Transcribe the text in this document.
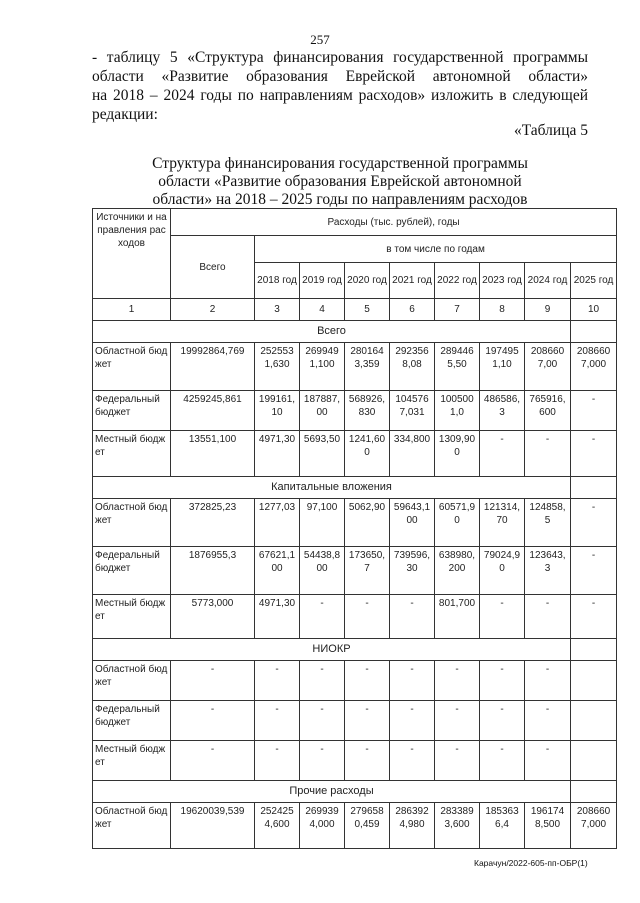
257
- таблицу 5 «Структура финансирования государственной программы
области «Развитие образования Еврейской автономной области»
на 2018 – 2024 годы по направлениям расходов» изложить в следующей
редакции:
«Таблица 5
Структура финансирования государственной программы
области «Развитие образования Еврейской автономной
области» на 2018 – 2025 годы по направлениям расходов
Источники и направления расходов	Расходы (тыс. рублей), годы								
	Всего	в том числе по годам							
		2018 год	2019 год	2020 год	2021 год	2022 год	2023 год	2024 год	2025 год
1	2	3	4	5	6	7	8	9	10
Всего									
Областной бюджет	19992864,769	2525531,630	2699491,100	2801643,359	2923568,08	2894465,50	1974951,10	2086607,00	2086607,000
Федеральный бюджет	4259245,861	199161,10	187887,00	568926,830	1045767,031	1005001,0	486586,3	765916,600	-
Местный бюджет	13551,100	4971,30	5693,50	1241,600	334,800	1309,900	-	-	-
Капитальные вложения									
Областной бюджет	372825,23	1277,03	97,100	5062,90	59643,100	60571,90	121314,70	124858,5	-
Федеральный бюджет	1876955,3	67621,100	54438,800	173650,7	739596,30	638980,200	79024,90	123643,3	-
Местный бюджет	5773,000	4971,30	-	-	-	801,700	-	-	-
НИОКР									
Областной бюджет	-	-	-	-	-	-	-	-	
Федеральный бюджет	-	-	-	-	-	-	-	-	
Местный бюджет	-	-	-	-	-	-	-	-	
Прочие расходы									
Областной бюджет	19620039,539	2524254,600	2699394,000	2796580,459	2863924,980	2833893,600	1853636,4	1961748,500	2086607,000
Карачун/2022-605-пп-ОБР(1)
